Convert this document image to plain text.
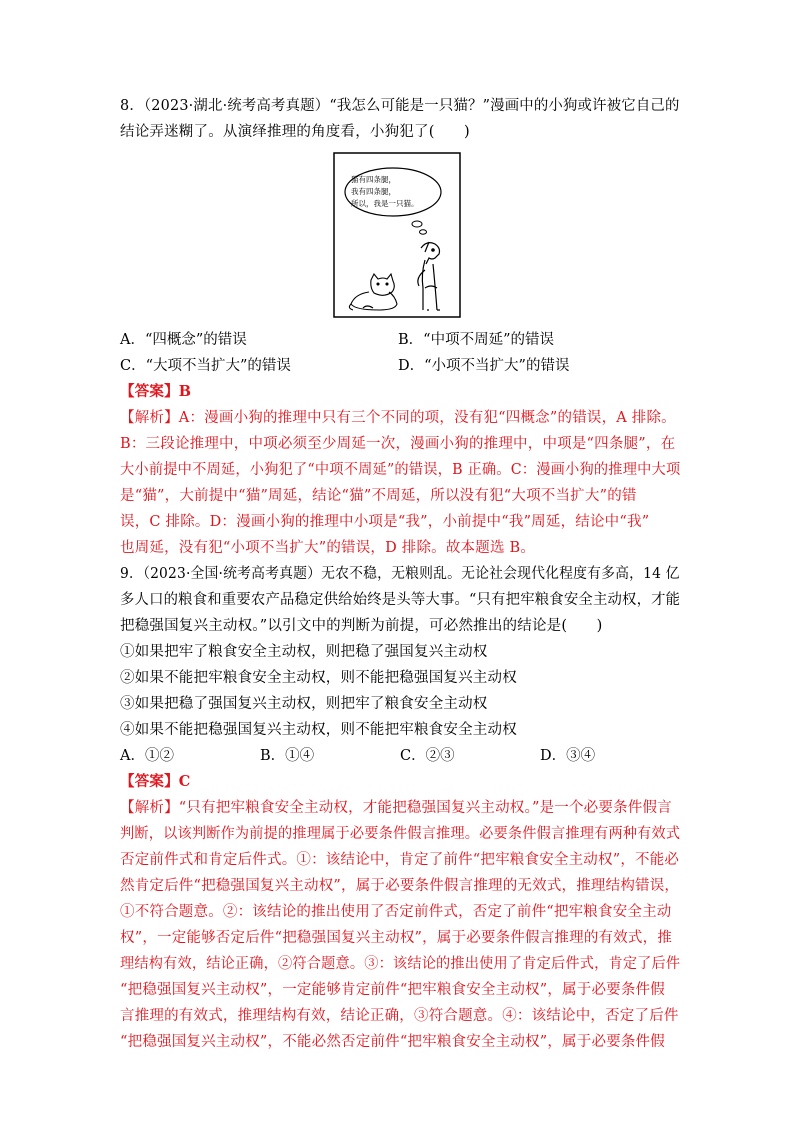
8．（2023·湖北·统考高考真题）“我怎么可能是一只猫？”漫画中的小狗或许被它自己的
结论弄迷糊了。从演绎推理的角度看，小狗犯了(　　)
猫有四条腿，
我有四条腿，
所以，我是一只猫。
A．“四概念”的错误	B．“中项不周延”的错误
C．“大项不当扩大”的错误	D．“小项不当扩大”的错误
【答案】B
【解析】A：漫画小狗的推理中只有三个不同的项，没有犯“四概念”的错误，A 排除。
B：三段论推理中，中项必须至少周延一次，漫画小狗的推理中，中项是“四条腿”，在
大小前提中不周延，小狗犯了“中项不周延”的错误，B 正确。C：漫画小狗的推理中大项
是“猫”，大前提中“猫”周延，结论“猫”不周延，所以没有犯“大项不当扩大”的错
误，C 排除。D：漫画小狗的推理中小项是“我”，小前提中“我”周延，结论中“我”
也周延，没有犯“小项不当扩大”的错误，D 排除。故本题选 B。
9．（2023·全国·统考高考真题）无农不稳，无粮则乱。无论社会现代化程度有多高，14 亿
多人口的粮食和重要农产品稳定供给始终是头等大事。“只有把牢粮食安全主动权，才能
把稳强国复兴主动权。”以引文中的判断为前提，可必然推出的结论是(　　)
①如果把牢了粮食安全主动权，则把稳了强国复兴主动权
②如果不能把牢粮食安全主动权，则不能把稳强国复兴主动权
③如果把稳了强国复兴主动权，则把牢了粮食安全主动权
④如果不能把稳强国复兴主动权，则不能把牢粮食安全主动权
A．①②	B．①④	C．②③	D．③④
【答案】C
【解析】“只有把牢粮食安全主动权，才能把稳强国复兴主动权。”是一个必要条件假言
判断，以该判断作为前提的推理属于必要条件假言推理。必要条件假言推理有两种有效式
否定前件式和肯定后件式。①：该结论中，肯定了前件“把牢粮食安全主动权”，不能必
然肯定后件“把稳强国复兴主动权”，属于必要条件假言推理的无效式，推理结构错误，
①不符合题意。②：该结论的推出使用了否定前件式，否定了前件“把牢粮食安全主动
权”，一定能够否定后件“把稳强国复兴主动权”，属于必要条件假言推理的有效式，推
理结构有效，结论正确，②符合题意。③：该结论的推出使用了肯定后件式，肯定了后件
“把稳强国复兴主动权”，一定能够肯定前件“把牢粮食安全主动权”，属于必要条件假
言推理的有效式，推理结构有效，结论正确，③符合题意。④：该结论中，否定了后件
“把稳强国复兴主动权”，不能必然否定前件“把牢粮食安全主动权”，属于必要条件假
